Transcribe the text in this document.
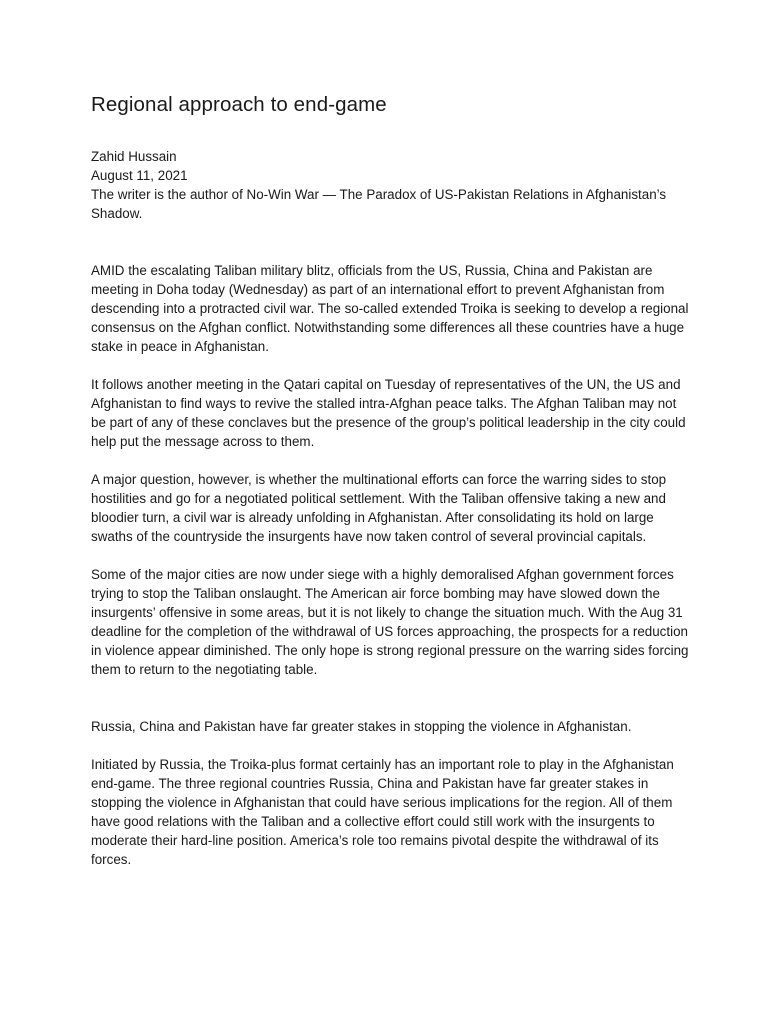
Regional approach to end-game
Zahid Hussain
August 11, 2021

The writer is the author of No-Win War — The Paradox of US-Pakistan Relations in Afghanistan’s Shadow.

AMID the escalating Taliban military blitz, officials from the US, Russia, China and Pakistan are meeting in Doha today (Wednesday) as part of an international effort to prevent Afghanistan from descending into a protracted civil war. The so-called extended Troika is seeking to develop a regional consensus on the Afghan conflict. Notwithstanding some differences all these countries have a huge stake in peace in Afghanistan.

It follows another meeting in the Qatari capital on Tuesday of representatives of the UN, the US and Afghanistan to find ways to revive the stalled intra-Afghan peace talks. The Afghan Taliban may not be part of any of these conclaves but the presence of the group’s political leadership in the city could help put the message across to them.

A major question, however, is whether the multinational efforts can force the warring sides to stop hostilities and go for a negotiated political settlement. With the Taliban offensive taking a new and bloodier turn, a civil war is already unfolding in Afghanistan. After consolidating its hold on large swaths of the countryside the insurgents have now taken control of several provincial capitals.

Some of the major cities are now under siege with a highly demoralised Afghan government forces trying to stop the Taliban onslaught. The American air force bombing may have slowed down the insurgents’ offensive in some areas, but it is not likely to change the situation much. With the Aug 31 deadline for the completion of the withdrawal of US forces approaching, the prospects for a reduction in violence appear diminished. The only hope is strong regional pressure on the warring sides forcing them to return to the negotiating table.

Russia, China and Pakistan have far greater stakes in stopping the violence in Afghanistan.

Initiated by Russia, the Troika-plus format certainly has an important role to play in the Afghanistan end-game. The three regional countries Russia, China and Pakistan have far greater stakes in stopping the violence in Afghanistan that could have serious implications for the region. All of them have good relations with the Taliban and a collective effort could still work with the insurgents to moderate their hard-line position. America’s role too remains pivotal despite the withdrawal of its forces.
